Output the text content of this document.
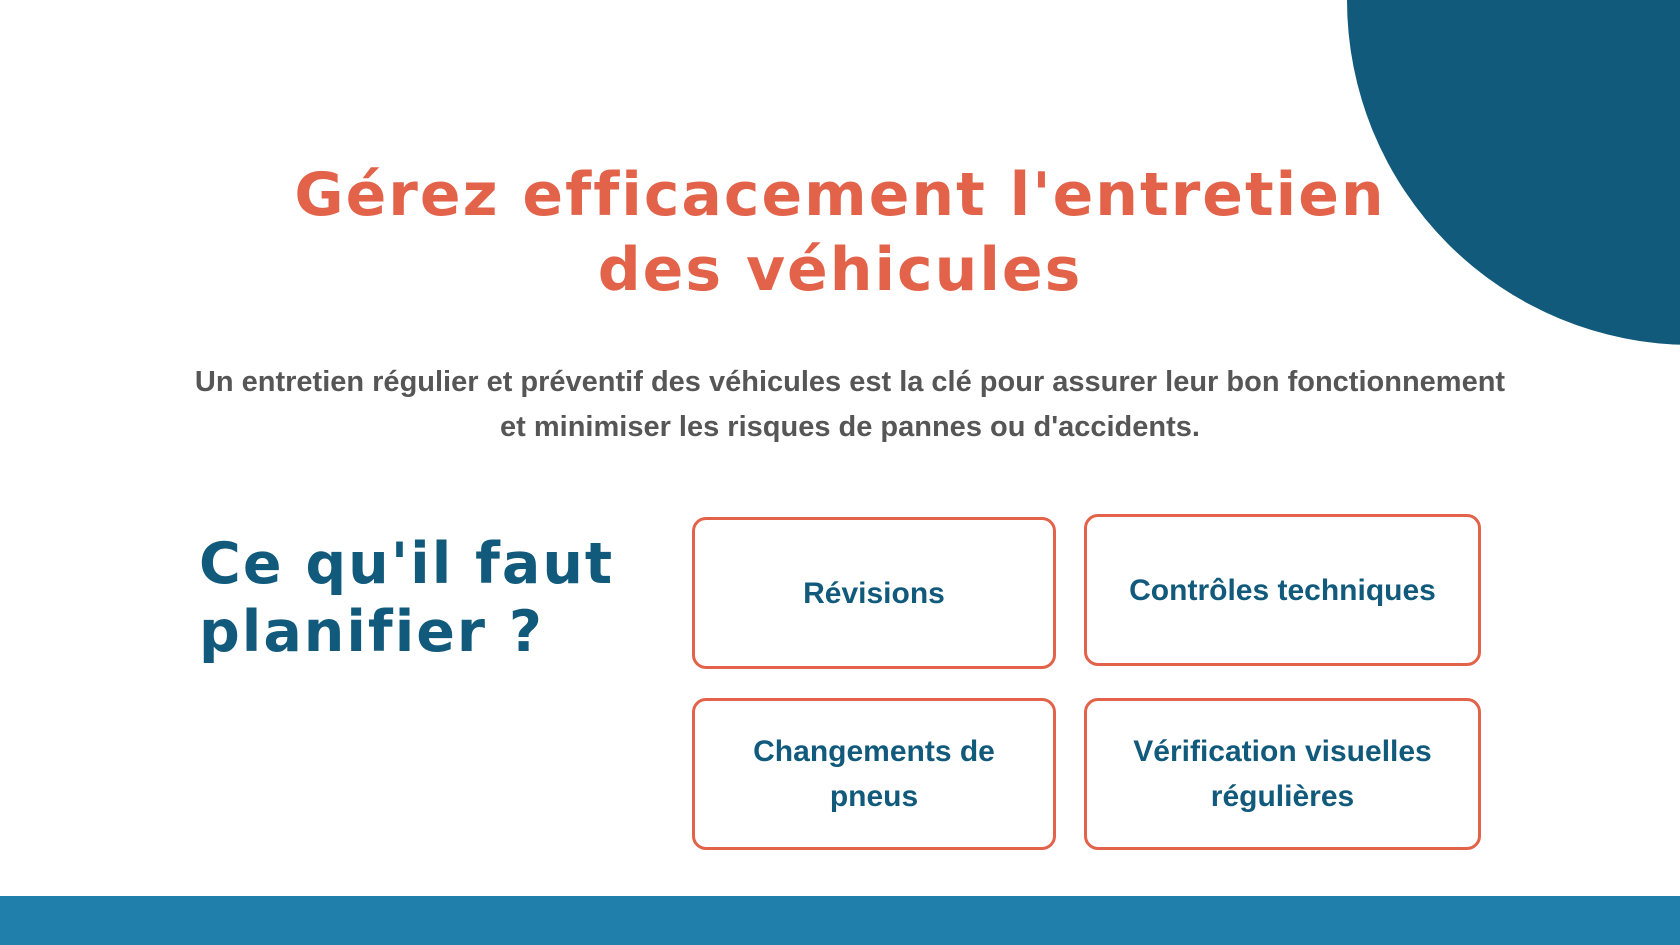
Gérez efficacement l'entretien des véhicules

Un entretien régulier et préventif des véhicules est la clé pour assurer leur bon fonctionnement et minimiser les risques de pannes ou d'accidents.

Ce qu'il faut planifier ?
Révisions	Contrôles techniques
Changements de pneus
Vérification visuelles régulières
